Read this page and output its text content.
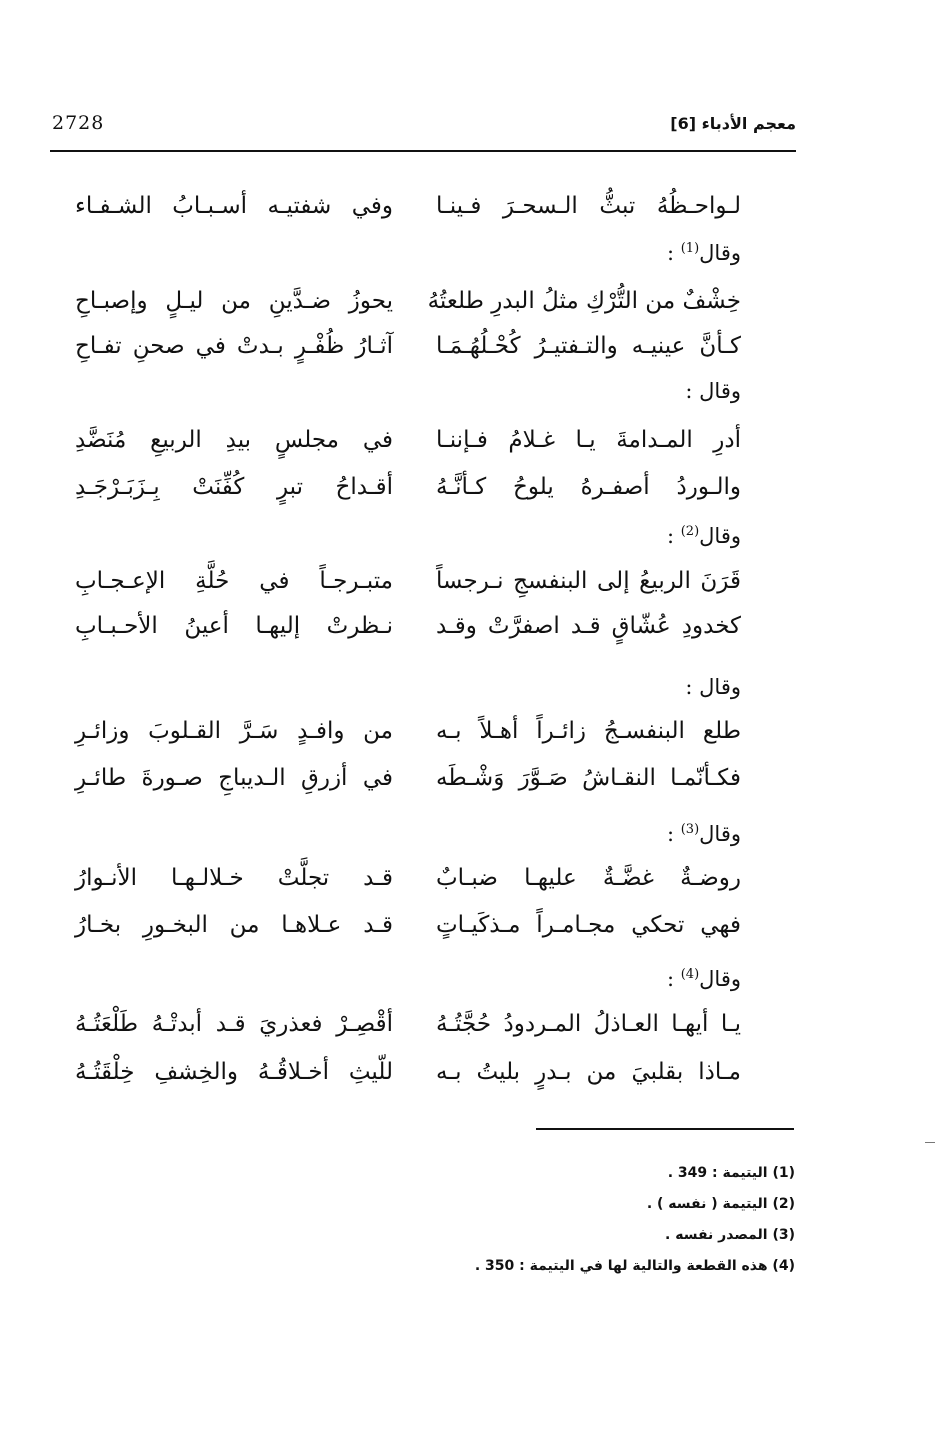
2728	معجم الأدباء [6]
لـواحـظُهُ تبثُّ الـسحـرَ فـينـا
وفي شفتيـه أسـبـابُ الشـفـاء
وقال$^{(1)}$ :
خِشْفٌ من التُّرْكِ مثلُ البدرِ طلعتُهُ
يحوزُ ضـدَّينِ من ليـلٍ وإصبـاحِ
كـأنَّ عينيـه والتـفتيـرُ كُحْـلُهُـمَـا
آثـارُ ظُفْـرٍ بـدتْ في صحنِ تفـاحِ
وقال :
أدرِ المـدامةَ يـا غـلامُ فـإننـا
في مجلسٍ بيدِ الربيعِ مُنَضَّدِ
والـوردُ أصفـرهُ يلوحُ كـأنَّـهُ
أقـداحُ تبرٍ كُفِّنَتْ بِـزَبَـرْجَـدِ
وقال$^{(2)}$ :
قَرَنَ الربيعُ إلى البنفسجِ نـرجساً
متبـرجـاً في حُلَّةِ الإعـجـابِ
كخدودِ عُشّاقٍ قـد اصفرَّتْ وقـد
نـظرتْ إليهـا أعينُ الأحـبـابِ
وقال :
طلع البنفسـجُ زائـراً أهـلاً بـه
من وافـدٍ سَـرَّ القـلوبَ وزائـرِ
فكـأنّمـا النقـاشُ صَـوَّرَ وَشْـطَه
في أزرقِ الـديباجِ صـورةَ طائـرِ
وقال$^{(3)}$ :
روضـةٌ غضَّـةٌ عليهـا ضبـابٌ
قـد تجلَّتْ خـلالـهـا الأنـوارُ
فهي تحكي مجـامـراً مـذكَيـاتٍ
قـد عـلاهـا من البخـورِ بخـارُ
وقال$^{(4)}$ :
يـا أيهـا العـاذلُ المـردودُ حُجَّتُـهُ
أقْصِـرْ فعذريَ قـد أبدتْـهُ طَلْعَتُـهُ
مـاذا بقلبيَ من بـدرٍ بليتُ بـه
للّيثِ أخـلاقُـهُ والخِشفِ خِلْقَتُـهُ
(1) اليتيمة : 349 .
(2) اليتيمة ( نفسه ) .
(3) المصدر نفسه .
(4) هذه القطعة والتالية لها في اليتيمة : 350 .
